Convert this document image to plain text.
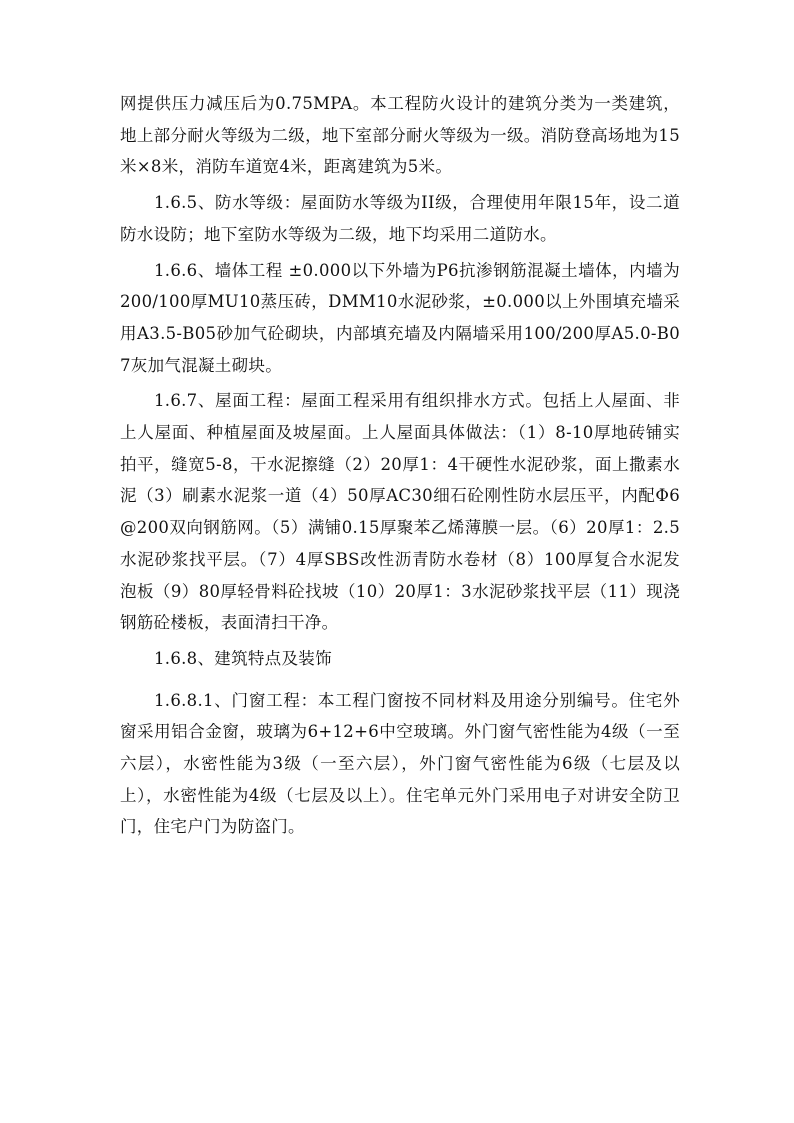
网提供压力减压后为0.75MPA。本工程防火设计的建筑分类为一类建筑，地上部分耐火等级为二级，地下室部分耐火等级为一级。消防登高场地为15米×8米，消防车道宽4米，距离建筑为5米。

1.6.5、防水等级：屋面防水等级为II级，合理使用年限15年，设二道防水设防；地下室防水等级为二级，地下均采用二道防水。

1.6.6、墙体工程 ±0.000以下外墙为P6抗渗钢筋混凝土墙体，内墙为200/100厚MU10蒸压砖，DMM10水泥砂浆，±0.000以上外围填充墙采用A3.5-B05砂加气砼砌块，内部填充墙及内隔墙采用100/200厚A5.0-B07灰加气混凝土砌块。

1.6.7、屋面工程：屋面工程采用有组织排水方式。包括上人屋面、非上人屋面、种植屋面及坡屋面。上人屋面具体做法：（1）8-10厚地砖铺实拍平，缝宽5-8，干水泥擦缝（2）20厚1：4干硬性水泥砂浆，面上撒素水泥（3）刷素水泥浆一道（4）50厚AC30细石砼刚性防水层压平，内配Φ6@200双向钢筋网。（5）满铺0.15厚聚苯乙烯薄膜一层。（6）20厚1：2.5水泥砂浆找平层。（7）4厚SBS改性沥青防水卷材（8）100厚复合水泥发泡板（9）80厚轻骨料砼找坡（10）20厚1：3水泥砂浆找平层（11）现浇钢筋砼楼板，表面清扫干净。

1.6.8、建筑特点及装饰

1.6.8.1、门窗工程：本工程门窗按不同材料及用途分别编号。住宅外窗采用铝合金窗，玻璃为6+12+6中空玻璃。外门窗气密性能为4级（一至六层），水密性能为3级（一至六层），外门窗气密性能为6级（七层及以上），水密性能为4级（七层及以上）。住宅单元外门采用电子对讲安全防卫门，住宅户门为防盗门。
